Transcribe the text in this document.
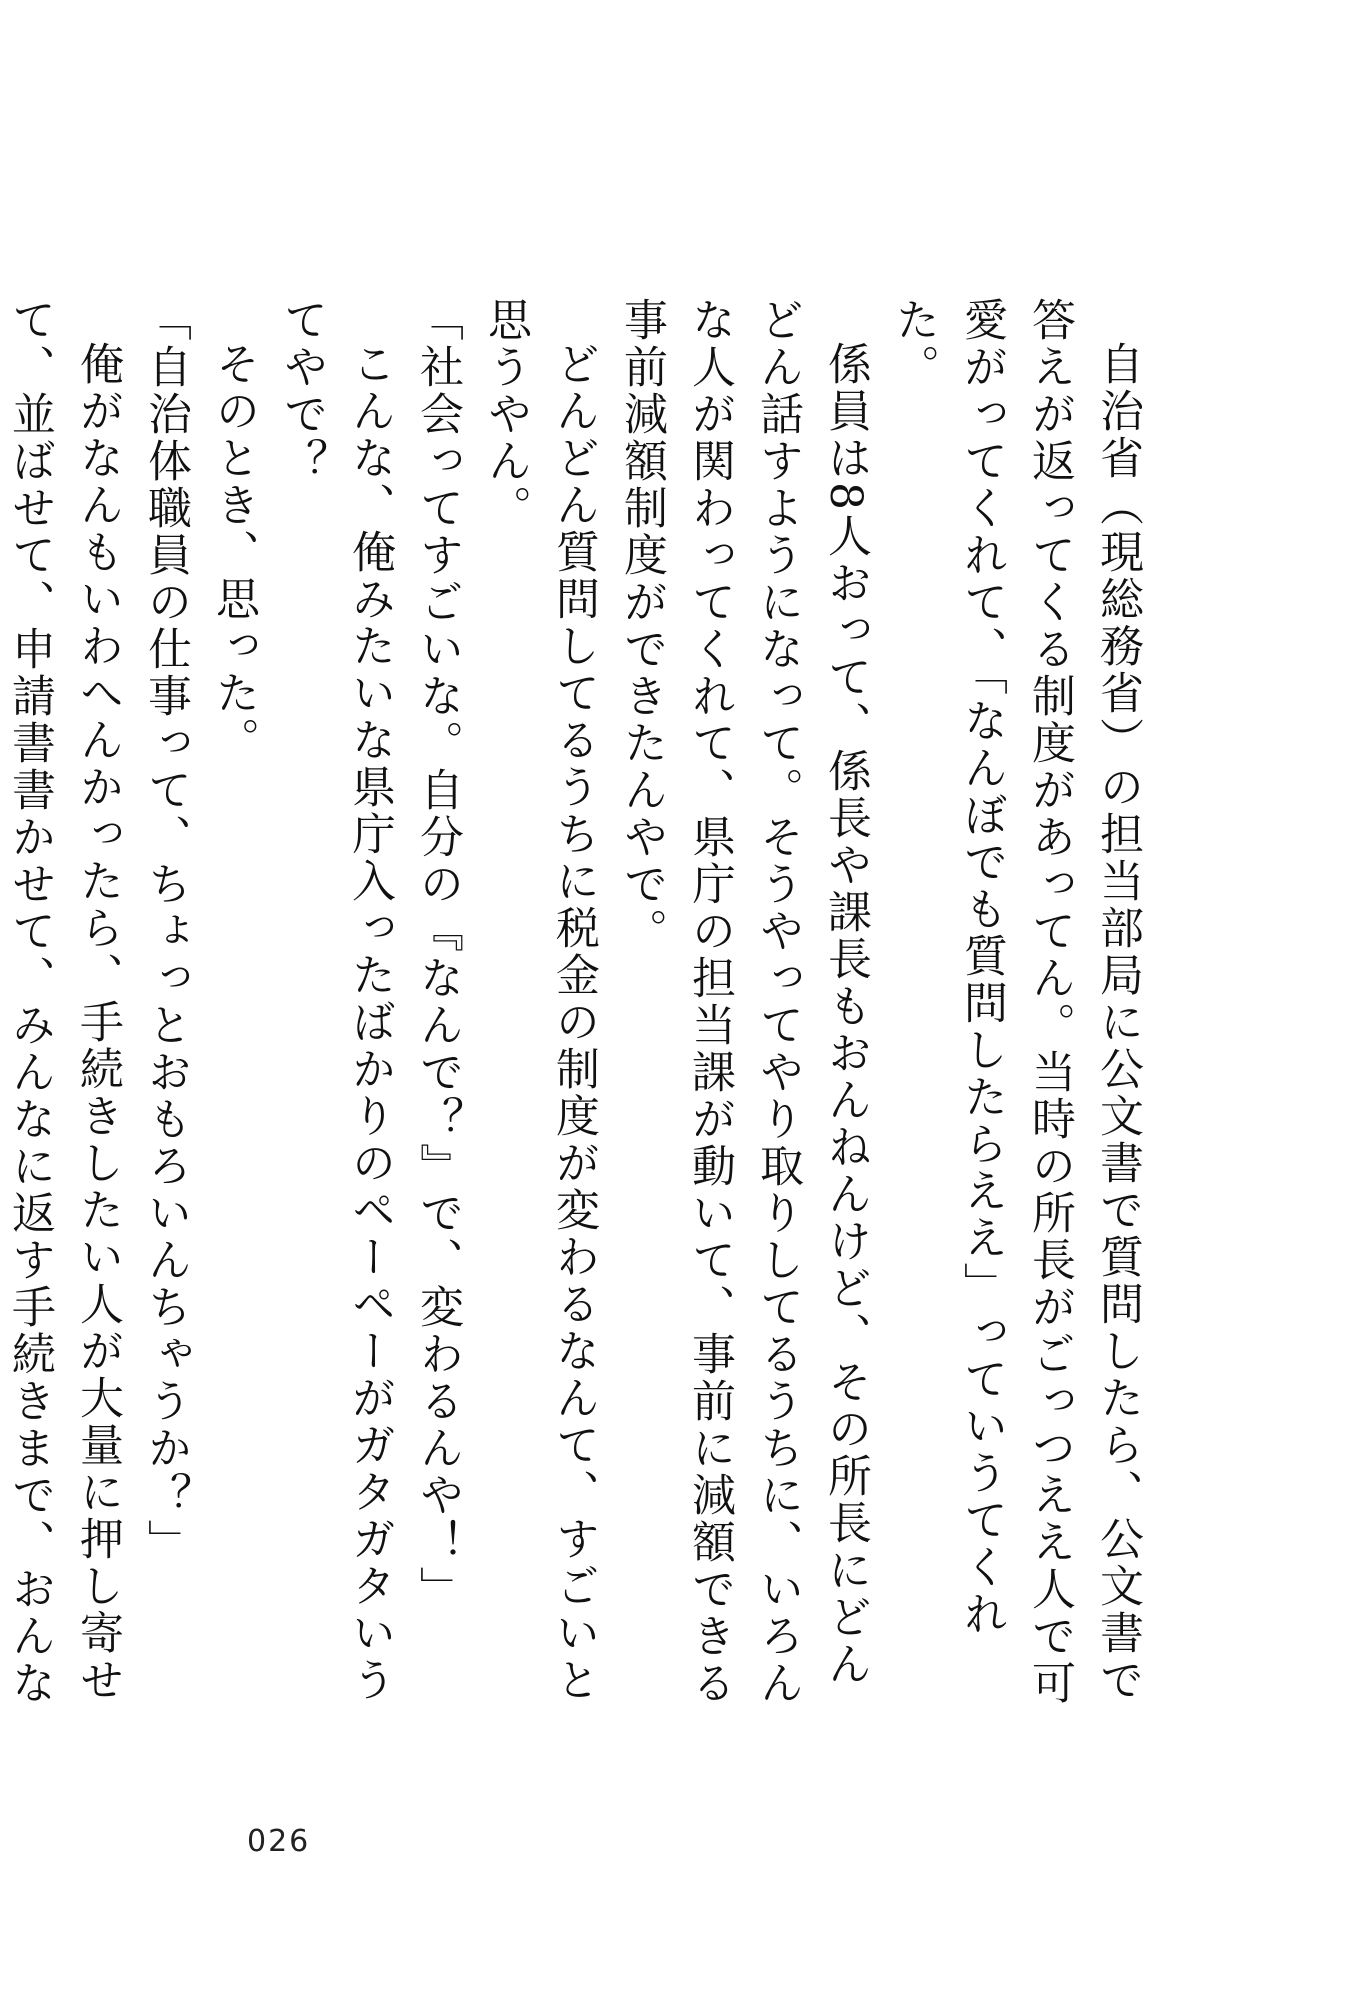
自治省（現総務省）の担当部局に公文書で質問したら、公文書で答えが返ってくる制度があってん。当時の所長がごっつええ人で可愛がってくれて、「なんぼでも質問したらええ」っていうてくれた。

係員は8人おって、係長や課長もおんねんけど、その所長にどんどん話すようになって。そうやってやり取りしてるうちに、いろんな人が関わってくれて、県庁の担当課が動いて、事前に減額できる事前減額制度ができたんやで。

どんどん質問してるうちに税金の制度が変わるなんて、すごいと思うやん。

「社会ってすごいな。自分の『なんで？』で、変わるんや！」

こんな、俺みたいな県庁入ったばかりのペーペーがガタガタいうてやで？

そのとき、思った。

「自治体職員の仕事って、ちょっとおもろいんちゃうか？」

俺がなんもいわへんかったら、手続きしたい人が大量に押し寄せて、並ばせて、申請書書かせて、みんなに返す手続きまで、おんな

026
